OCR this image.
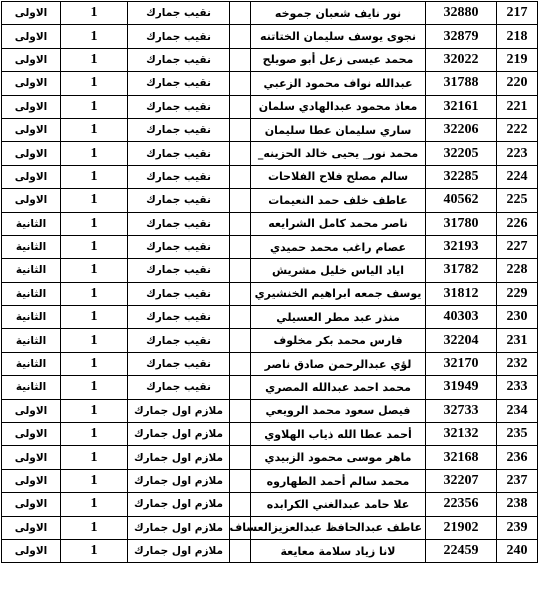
217	32880	نور نايف شعبان جموخه		نقيب جمارك	1	الاولى
218	32879	نجوى يوسف سليمان الختاتنه		نقيب جمارك	1	الاولى
219	32022	محمد عيسى زعل أبو صويلح		نقيب جمارك	1	الاولى
220	31788	عبدالله نواف محمود الزعبي		نقيب جمارك	1	الاولى
221	32161	معاذ محمود عبدالهادي سلمان		نقيب جمارك	1	الاولى
222	32206	ساري سليمان عطا سليمان		نقيب جمارك	1	الاولى
223	32205	محمد نور_ يحيى خالد الحزينه_		نقيب جمارك	1	الاولى
224	32285	سالم مصلح فلاح الفلاحات		نقيب جمارك	1	الاولى
225	40562	عاطف خلف حمد النعيمات		نقيب جمارك	1	الاولى
226	31780	ناصر محمد كامل الشرايعه		نقيب جمارك	1	الثانية
227	32193	عصام راغب محمد حميدي		نقيب جمارك	1	الثانية
228	31782	اياد الياس خليل مشريش		نقيب جمارك	1	الثانية
229	31812	يوسف جمعه ابراهيم الخنشيري		نقيب جمارك	1	الثانية
230	40303	منذر عبد مطر العسيلي		نقيب جمارك	1	الثانية
231	32204	فارس محمد بكر مخلوف		نقيب جمارك	1	الثانية
232	32170	لؤي عبدالرحمن صادق ناصر		نقيب جمارك	1	الثانية
233	31949	محمد احمد عبدالله المصري		نقيب جمارك	1	الثانية
234	32733	فيصل سعود محمد الرويعي		ملازم اول جمارك	1	الاولى
235	32132	أحمد عطا الله ذياب الهلاوي		ملازم اول جمارك	1	الاولى
236	32168	ماهر موسى محمود الزبيدي		ملازم اول جمارك	1	الاولى
237	32207	محمد سالم أحمد الطهاروه		ملازم اول جمارك	1	الاولى
238	22356	علا حامد عبدالغني الكرابده		ملازم اول جمارك	1	الاولى
239	21902	عاطف عبدالحافظ عبدالعزيزالعساف		ملازم اول جمارك	1	الاولى
240	22459	لانا زياد سلامة معايعة		ملازم اول جمارك	1	الاولى
